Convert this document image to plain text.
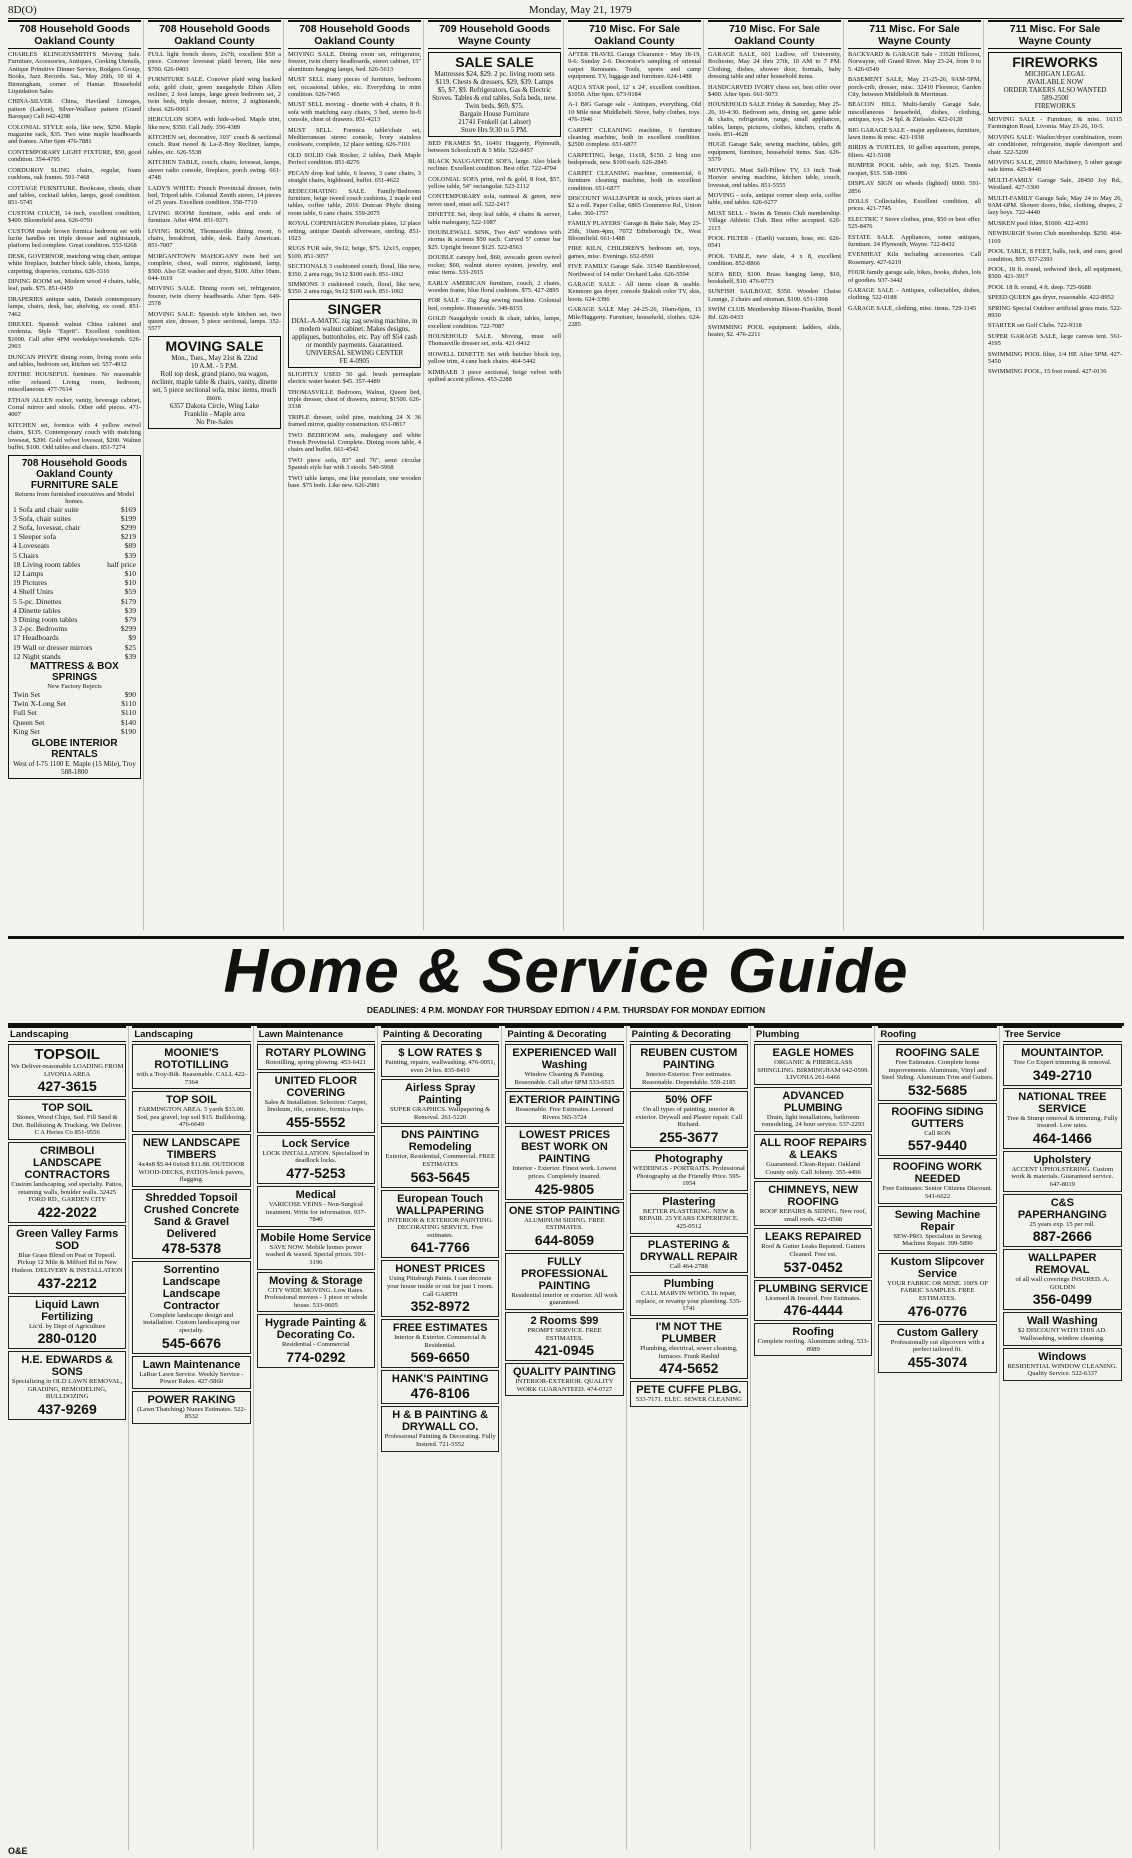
8D(O)	Monday, May 21, 1979
708 Household Goods
Oakland County

CHARLES KLINGENSMITH'S Moving Sale. Furniture, Accessories, Antiques, Cooking Utensils, Antique Primitive Dinner Service, Rodgers Group, Books, Jazz Records. Sat., May 26th, 10 til 4. Birmingham, corner of Hamar. Household Liquidation Sales

CHINA-SILVER. China, Haviland Limoges, pattern (Ladore), Silver-Wallace pattern (Grand Baroque) Call 642-4298

COLONIAL STYLE sofa, like new, $250. Maple magazine rack, $35. Two wine maple headboards and frames. After 6pm 476-7881

CONTEMPORARY LIGHT FIXTURE, $50, good condition. 354-4795

CORDUROY SLING chairs, regular, foam cushions, oak frames. 591-7468

COTTAGE FURNITURE. Bookcase, chests, chair and tables, cocktail tables, lamps, good condition. 851-5745

CUSTOM COUCH, 14 inch, excellent condition, $400. Bloomfield area. 626-0791

CUSTOM made brown formica bedroom set with lucite handles on triple dresser and nightstands, platform bed complete. Great condition. 553-9268

DESK, GOVERNOR, matching wing chair, antique white fireplace, butcher block table, chests, lamps, carpeting, draperies, curtains. 626-3316

DINING ROOM set, Modern wood 4 chairs, table, leaf, pads. $75. 851-0459

DRAPERIES antique satin, Danish contemporary lamps, chairs, desk, bar, shelving, ex cond. 851-7462

DREXEL Spanish walnut China cabinet and credenza. Style "Esprit". Excellent condition. $1000. Call after 4PM weekdays/weekends. 626-2903

DUNCAN PHYFE dining room, living room sofa and tables, bedroom set, kitchen set. 557-4932

ENTIRE HOUSEFUL furniture. No reasonable offer refused. Living room, bedroom, miscellaneous. 477-7614

ETHAN ALLEN rocker, vanity, beverage cabinet, Corral mirror and stools. Other odd pieces. 471-4007

KITCHEN set, formica with 4 yellow swivel chairs, $135. Contemporary couch with matching loveseat, $200. Gold velvet loveseat, $200. Walnut buffet, $100. Odd tables and chairs. 851-7274

708 Household Goods Oakland County
FURNITURE SALE
Returns from furnished executives and Model homes.
1 Sofa and chair suite	$169
3 Sofa, chair suites	$199
2 Sofa, loveseat, chair	$299
1 Sleeper sofa	$219
4 Loveseats	$89
5 Chairs	$39
18 Living room tables	half price
12 Lamps	$10
19 Pictures	$10
4 Shelf Units	$59
5 5-pc. Dinettes	$179
4 Dinette tables	$39
3 Dining room tables	$79
3 2-pc. Bedrooms	$299
17 Headboards	$9
19 Wall or dresser mirrors	$25
12 Night stands	$39
MATTRESS & BOX SPRINGS
New Factory Rejects
Twin Set	$90
Twin X-Long Set	$110
Full Set	$110
Queen Set	$140
King Set	$190
GLOBE INTERIOR RENTALS
West of I-75 1100 E. Maple (15 Mile), Troy 588-1800
708 Household Goods
Oakland County

FULL light french doors, 2x7ft, excellent $50 a piece. Conover loveseat plaid brown, like new $700. 626-0403

FURNITURE SALE. Conover plaid wing backed sofa, gold chair, green naugahyde Ethan Allen recliner, 2 foot lamps, large green bedroom set, 2 twin beds, triple dresser, mirror, 2 nightstands, chest. 626-0061

HERCULON SOFA with hide-a-bed. Maple trim, like new, $350. Call Judy. 356-4389

KITCHEN set, decorative, 103" couch & sectional couch. Rust tweed & La-Z-Boy Recliner, lamps, tables, etc. 626-5538

KITCHEN TABLE, couch, chairs, loveseat, lamps, stereo radio console, fireplace, porch swing. 661-4748

LADY'S WHITE: French Provincial dresser, twin bed, Tripod table. Colonial Zenith stereo, 14 pieces of 25 years. Excellent condition. 358-7719

LIVING ROOM furniture, odds and ends of furniture. After 4PM. 851-9371

LIVING ROOM, Thomasville dining room, 6 chairs, breakfront, table, desk. Early American. 851-7007

MORGANTOWN MAHOGANY twin bed set complete, chest, wall mirror, nightstand, lamp, $500. Also GE washer and dryer, $100. After 10am. 644-1619

MOVING SALE. Dining room set, refrigerator, freezer, twin cherry headboards. After 5pm. 649-2578

MOVING SALE: Spanish style kitchen set, two queen size, dresser, 5 piece sectional, lamps. 352-5577

MOVING SALE
Mon., Tues., May 21st & 22nd
10 A.M. - 5 P.M.
Roll top desk, grand piano, tea wagon, recliner, maple table & chairs, vanity, dinette set, 5 piece sectional sofa, misc items, much more.
6357 Dakota Circle, Wing Lake
Franklin - Maple area
No Pre-Sales
708 Household Goods
Oakland County

MOVING SALE. Dining room set, refrigerator, freezer, twin cherry headboards, stereo cabinet, 15" aluminum hanging lamps, bed. 626-5613

MUST SELL many pieces of furniture, bedroom set, occasional tables, etc. Everything in mint condition. 626-7465

MUST SELL moving - dinette with 4 chairs, 8 ft. sofa with matching easy chairs, 3 bed, stereo hi-fi console, chest of drawers. 851-4213

MUST SELL. Formica table/chair set, Mediterranean stereo console, Ivory stainless cookware, complete, 12 place setting. 626-7101

OLD SOLID Oak Rocker, 2 tables, Dark Maple Perfect condition. 851-8276

PECAN drop leaf table, 6 leaves, 3 cane chairs, 3 straight chairs, highboard, buffet. 651-4622

REDECORATING SALE. Family/Bedroom furniture, beige tweed couch cushions, 2 maple end tables, coffee table, 2016 Duncan Phyfe dining room table, 6 cane chairs. 559-2075

ROYAL COPENHAGEN Porcelain plates, 12 place setting, antique Danish silverware, sterling. 851-1023

RUGS FUR sale, 9x12, beige, $75. 12x15, copper, $100. 851-3057

SECTIONALS 3 cushioned couch, floral, like new, $350. 2 area rugs, 9x12 $100 each. 851-1062

SIMMONS 3 cushioned couch, floral, like new, $350. 2 area rugs, 9x12 $100 each. 851-1062

SINGER
DIAL-A-MATIC zig zag sewing machine, in modern walnut cabinet. Makes designs, appliques, buttonholes, etc. Pay off $54 cash or monthly payments. Guaranteed.
UNIVERSAL SEWING CENTER
FE 4-0905

SLIGHTLY USED 50 gal. brush permaplate electric water heater. $45. 357-4489

THOMASVILLE Bedroom, Walnut, Queen bed, triple dresser, chest of drawers, mirror, $1500. 626-3338

TRIPLE dresser, solid pine, matching 24 X 36 framed mirror, quality construction. 651-0817

TWO BEDROOM sets, mahogany and white French Provincial. Complete. Dining room table, 4 chairs and buffet. 661-4542

TWO piece sofa, 83" and 76", semi circular Spanish style bar with 3 stools. 549-5968

TWO table lamps, one like porcelain, one wooden base. $75 both. Like new. 626-2981

709 Household Goods
Wayne County
SALE SALE
Mattresses $24, $29. 2 pc. living room sets $119. Chests & dressers, $29, $39. Lamps $5, $7, $9. Refrigerators, Gas & Electric Stoves. Tables & end tables. Sofa beds, new. Twin beds, $69, $75.
Bargain House Furniture
21741 Fenkell (at Lahser)
Store Hrs 9:30 to 5 PM.

BED FRAMES $5, 16491 Haggerty, Plymouth, between Schoolcraft & 5 Mile. 522-8457

BLACK NAUGAHYDE SOFA, large. Also black recliner. Excellent condition. Best offer. 722-4794

COLONIAL SOFA print, red & gold, 8 foot, $57, yellow table, 54" rectangular. 523-2112

CONTEMPORARY sofa, oatmeal & green, new never used, must sell. 522-2417

DINETTE Set, drop leaf table, 4 chairs & server, table mahogany, 522-1087

DOUBLEWALL SINK, Two 4x6" windows with storms & screens $50 each. Curved 5" corner bar $25. Upright freezer $125. 522-8563

DOUBLE canopy bed, $60, avocado green swivel rocker, $60, walnut stereo system, jewelry, and misc items. 533-2915

EARLY AMERICAN furniture, couch, 2 chairs, wooden frame, blue floral cushions. $75. 427-2895

FOR SALE - Zig Zag sewing machine. Colonial bed, complete. Housewife. 349-8155

GOLD Naugahyde couch & chair, tables, lamps, excellent condition. 722-7087

HOUSEHOLD SALE. Moving, must sell Thomasville dresser set, sofa. 421-9412

HOWELL DINETTE Set with butcher block top, yellow trim, 4 cane back chairs. 464-5442

KIMBAEB 3 piece sectional, beige velvet with quilted accent pillows. 453-2288

710 Misc. For Sale
Oakland County

AFTER TRAVEL Garage Clearance - May 18-19, 9-6. Sunday 2-6. Decorator's sampling of oriental carpet Remnants. Tools, sports and camp equipment. TV, luggage and furniture. 624-1488

AQUA STAR pool, 12' x 24', excellent condition. $1050. After 6pm. 673-9184

A-1 BIG Garage sale - Antiques, everything, Old 10 Mile near Middlebelt. Stove, baby clothes, toys. 476-1946

CARPET CLEANING machine, 6 furniture cleaning machine, both in excellent condition. $2500 complete. 651-6877

CARPETING, beige, 11x18, $150. 2 king size bedspreads, new. $100 each. 626-2845

CARPET CLEANING machine, commercial, 6 furniture cleaning machine, both in excellent condition. 651-6877

DISCOUNT WALLPAPER in stock, prices start at $2 a roll. Paper Cellar, 6865 Commerce Rd., Union Lake. 360-1757

FAMILY PLAYERS' Garage & Bake Sale, May 23-25th, 10am-4pm, 7072 Edinborough Dr., West Bloomfield. 661-1488

FIRE KILN, CHILDREN'S bedroom set, toys, games, misc. Evenings. 652-0591

FIVE FAMILY Garage Sale. 31540 Ramblewood, Northwest of 14 mile/ Orchard Lake. 626-5594

GARAGE SALE - All items clean & usable. Kenmore gas dryer, console Stakish color TV, skis, boots. 624-3396

GARAGE SALE May 24-25-26, 10am-6pm, 13 Mile/Haggerty. Furniture, household, clothes. 624-2285

710 Misc. For Sale
Oakland County

GARAGE SALE, 601 Ludlow, off University, Rochester, May 24 thru 27th, 10 AM to 7 PM. Clothing, dishes, shower door, formals, baby dressing table and other household items.

HANDCARVED IVORY chess set, best offer over $400. After 6pm. 661-5073

HOUSEHOLD SALE Friday & Saturday, May 25-26, 10-4:30. Bedroom sets, dining set, game table & chairs, refrigerator, range, small appliances, tables, lamps, pictures, clothes, kitchen, crafts & tools. 851-4628

HUGE Garage Sale, sewing machine, tables, gift equipment, furniture, household items. Sun. 626-5579

MOVING. Must Sell-Pillow TV, 13 inch Teak Hoover sewing machine, kitchen table, couch, loveseat, end tables. 851-5555

MOVING - sofa, antique corner sleep sofa, coffee table, end tables. 626-6277

MUST SELL - Swim & Tennis Club membership. Village Athletic Club. Best offer accepted. 626-2115

POOL FILTER - (Earth) vacuum, hose, etc. 626-0541

POOL TABLE, new slate, 4 x 8, excellent condition. 852-8866

SOFA BED, $100. Brass hanging lamp, $10, bookshelf, $10. 476-0773

SUNFISH SAILBOAT, $350. Wooden Chaise Lounge, 2 chairs and ottoman. $100. 651-1998

SWIM CLUB Membership Bloom-Franklin, Bond Rd. 626-0433

SWIMMING POOL equipment: ladders, slide, heater, $2. 476-2211

711 Misc. For Sale
Wayne County

BACKYARD & GARAGE Sale - 33528 Hillcrest, Norwayne, off Grand River. May 23-24, from 9 to 5. 426-6549

BASEMENT SALE, May 21-25-26, 9AM-5PM, porch-crib, dresser, misc. 32410 Florence, Garden City, between Middlebelt & Merriman.

BEACON HILL Multi-family Garage Sale, miscellaneous household, dishes, clothing, antiques, toys. 24 Spl. & Zielasko. 422-0128

BIG GARAGE SALE - major appliances, furniture, lawn items & misc. 421-1938

BIRDS & TURTLES, 10 gallon aquarium, pumps, filters. 421-5108

BUMPER POOL table, ash top, $125. Tennis racquet, $15. 538-1906

DISPLAY SIGN on wheels (lighted) 6000. 591-2856

DOLLS Collectables, Excellent condition, all prices. 421-7745

ELECTRIC ? Stove clothes, pine, $50 or best offer. 525-8476

ESTATE SALE. Appliances, some antiques, furniture. 24 Plymouth, Wayne. 722-8432

EVENHEAT Kiln including accessories. Call Rosemary. 427-6219

FOUR family garage sale, bikes, books, dishes, lots of goodies. 937-3442

GARAGE SALE - Antiques, collectables, dishes, clothing. 522-0188

GARAGE SALE, clothing, misc. items. 729-1145

711 Misc. For Sale
Wayne County
FIREWORKS
MICHIGAN LEGAL
AVAILABLE NOW
ORDER TAKERS ALSO WANTED
589-2500
FIREWORKS

MOVING SALE - Furniture, & misc. 16315 Farmington Road, Livonia. May 23-26, 10-5.

MOVING SALE: Washer/dryer combination, room air conditioner, refrigerator, maple davenport and chair. 522-5209

MOVING SALE, 29910 Machinery, 5 other garage sale items. 425-8448

MULTI-FAMILY Garage Sale, 28450 Joy Rd., Westland. 427-3300

MULTI-FAMILY Garage Sale, May 24 to May 26, 9AM-6PM. Shower doors, bike, clothing, drapes, 2 lazy boys. 722-4440

MUSKEN pool filter, $1000. 422-4391

NEWBURGH Swim Club membership. $250. 464-1169

POOL TABLE, 8 FEET, balls, rack, and cues, good condition, $95. 937-2393

POOL, 18 ft. round, redwood deck, all equipment, $500. 421-3917

POOL 18 ft. round, 4 ft. deep. 725-6688

SPEED QUEEN gas dryer, reasonable. 422-8952

SPRING Special Outdoor artificial grass mats. 522-8930

STARTER set Golf Clubs. 722-9318

SUPER GARAGE SALE, large canvas tent. 561-4195

SWIMMING POOL filter, 1/4 HP. After 5PM. 427-5450

SWIMMING POOL, 15 foot round. 427-0136

Home & Service Guide
DEADLINES: 4 P.M. MONDAY FOR THURSDAY EDITION / 4 P.M. THURSDAY FOR MONDAY EDITION
Landscaping
TOPSOIL
We Deliver-reasonable LOADING FROM LIVONIA AREA
427-3615
TOP SOIL
Stones, Wood Chips, Sod. Fill Sand & Dirt. Bulldozing & Trucking. We Deliver. C A Heries Co 851-9556
CRIMBOLI LANDSCAPE CONTRACTORS
Custom landscaping, sod specialty. Patios, retaining walls, boulder walls. 32425 FORD RD., GARDEN CITY
422-2022
Green Valley Farms SOD
Blue Grass Blend on Peat or Topsoil. Pickup 12 Mile & Milford Rd in New Hudson. DELIVERY & INSTALLATION
437-2212
Liquid Lawn Fertilizing
Lic'd. by Dept of Agriculture
280-0120
H.E. EDWARDS & SONS
Specializing in OLD LAWN REMOVAL, GRADING, REMODELING, BULLDOZING
437-9269
Landscaping
MOONIE'S ROTOTILLING
with a Troy-Bilt. Reasonable. CALL 422-7364
TOP SOIL
FARMINGTON AREA. 5 yards $33.00. Sod, pea gravel, top soil $15. Bulldozing. 476-6649
NEW LANDSCAPE TIMBERS
4x4x8 $5.44 6x6x8 $11.88. OUTDOOR WOOD-DECKS, PATIOS-brick pavers, flagging.
Shredded Topsoil Crushed Concrete Sand & Gravel Delivered
478-5378
Sorrentino Landscape Landscape Contractor
Complete landscape design and installation. Custom landscaping our specialty.
545-6676
Lawn Maintenance
LaRue Lawn Service. Weekly Service - Power Rakes. 427-5860
POWER RAKING
(Lawn Thatching) Nunes Estimates. 522-8532
Lawn Maintenance
ROTARY PLOWING
Rototilling, spring plowing. 453-6421
UNITED FLOOR COVERING
Sales & Installation. Selection: Carpet, linoleum, tile, ceramic, formica tops.
455-5552
Lock Service
LOCK INSTALLATION. Specialized in deadlock locks.
477-5253
Medical
VARICOSE VEINS - Non-Surgical treatment. Write for information. 937-7840
Mobile Home Service
SAVE NOW. Mobile homes power washed & waxed. Special prices. 591-3196
Moving & Storage
CITY WIDE MOVING. Low Rates. Professional movers - 1 piece or whole house. 533-0605
Hygrade Painting & Decorating Co.
Residential - Commercial
774-0292
Painting & Decorating
$ LOW RATES $
Painting, repairs, wallwashing. 476-0051, even 24 hrs. 835-8410
Airless Spray Painting
SUPER GRAPHICS. Wallpapering & Removal. 261-5220
DNS PAINTING Remodeling
Exterior, Residential, Commercial. FREE ESTIMATES
563-5645
European Touch WALLPAPERING
INTERIOR & EXTERIOR PAINTING. DECORATING SERVICE. Free estimates.
641-7766
HONEST PRICES
Using Pittsburgh Paints. I can decorate your house inside or out for just 1 room. Call GARTH
352-8972
FREE ESTIMATES
Interior & Exterior. Commercial & Residential.
569-6650
HANK'S PAINTING
476-8106
H & B PAINTING & DRYWALL CO.
Professional Painting & Decorating. Fully Insured. 721-5552
Painting & Decorating
EXPERIENCED Wall Washing
Window Cleaning & Painting. Reasonable. Call after 6PM 533-6515
EXTERIOR PAINTING
Reasonable. Free Estimates. Leonard Rivera 565-3724
LOWEST PRICES BEST WORK ON PAINTING
Interior - Exterior. Finest work. Lowest prices. Completely insured.
425-9805
ONE STOP PAINTING
ALUMINUM SIDING. FREE ESTIMATES.
644-8059
FULLY PROFESSIONAL PAINTING
Residential interior or exterior. All work guaranteed.
2 Rooms $99
PROMPT SERVICE. FREE ESTIMATES.
421-0945
QUALITY PAINTING
INTERIOR-EXTERIOR. QUALITY WORK GUARANTEED. 474-0727
Painting & Decorating
REUBEN CUSTOM PAINTING
Interior-Exterior. Free estimates. Reasonable. Dependable. 559-2185
50% OFF
On all types of painting, interior & exterior. Drywall and Plaster repair. Call Richard.
255-3677
Photography
WEDDINGS - PORTRAITS. Professional Photography at the Friendly Price. 595-1954
Plastering
BETTER PLASTERING. NEW & REPAIR. 25 YEARS EXPERIENCE. 425-0512
PLASTERING & DRYWALL REPAIR
Call 464-2788
Plumbing
CALL MARVIN WOOD. To repair, replace, or revamp your plumbing. 535-1741
I'M NOT THE PLUMBER
Plumbing, electrical, sewer cleaning, furnaces. Frank Rashid
474-5652
PETE CUFFE PLBG.
533-7171. ELEC. SEWER CLEANING
Plumbing
EAGLE HOMES
ORGANIC & FIBERGLASS SHINGLING. BIRMINGHAM 642-0599. LIVONIA 261-6466
ADVANCED PLUMBING
Drain, light installations, bathroom remodeling, 24 hour service. 537-2293
ALL ROOF REPAIRS & LEAKS
Guaranteed. Clean-Repair. Oakland County only. Call Johnny. 355-4496
CHIMNEYS, NEW ROOFING
ROOF REPAIRS & SIDING. New roof, small roofs. 422-0568
LEAKS REPAIRED
Roof & Gutter Leaks Repaired. Gutters Cleaned. Free est.
537-0452
PLUMBING SERVICE
Licensed & Insured. Free Estimates.
476-4444
Roofing
Complete roofing. Aluminum siding. 533-8989
Roofing
ROOFING SALE
Free Estimates. Complete home improvements. Aluminum, Vinyl and Steel Siding. Aluminum Trim and Gutters.
532-5685
ROOFING SIDING GUTTERS
Call RON
557-9440
ROOFING WORK NEEDED
Free Estimates. Senior Citizens Discount. 541-6622
Sewing Machine Repair
SEW-PRO. Specialists in Sewing Machine Repair. 399-5890
Kustom Slipcover Service
YOUR FABRIC OR MINE. 100'S OF FABRIC SAMPLES. FREE ESTIMATES.
476-0776
Custom Gallery
Professionally cut slipcovers with a perfect tailored fit.
455-3074
Tree Service
MOUNTAINTOP.
Tree Co Expert trimming & removal.
349-2710
NATIONAL TREE SERVICE
Tree & Stump removal & trimming. Fully insured. Low rates.
464-1466
Upholstery
ACCENT UPHOLSTERING. Custom work & materials. Guaranteed service. 647-8019
C&S PAPERHANGING
25 years exp. 15 per roll.
887-2666
WALLPAPER REMOVAL
of all wall coverings INSURED. A. GOLDIN
356-0499
Wall Washing
$2 DISCOUNT WITH THIS AD. Wallwashing, window cleaning.
Windows
RESIDENTIAL WINDOW CLEANING. Quality Service. 522-6337
O&E
